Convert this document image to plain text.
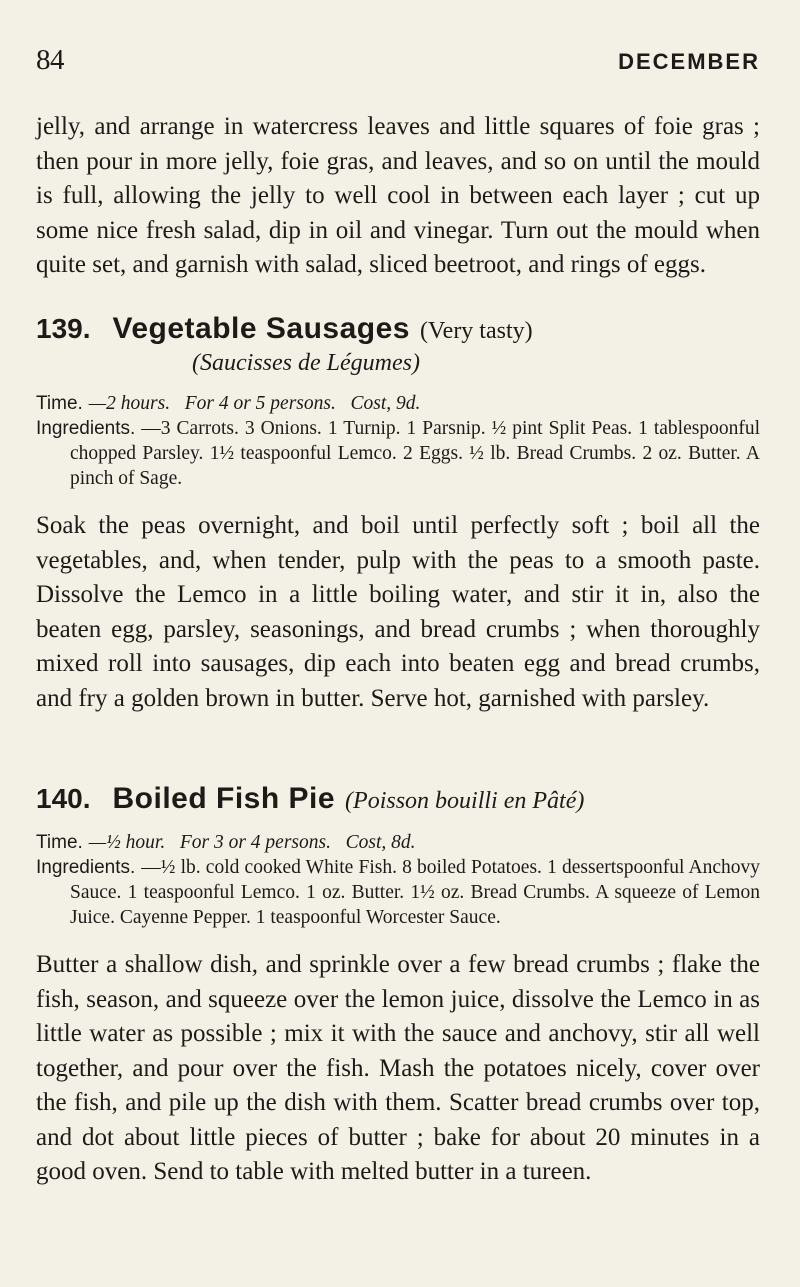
84	DECEMBER

jelly, and arrange in watercress leaves and little squares of foie gras ; then pour in more jelly, foie gras, and leaves, and so on until the mould is full, allowing the jelly to well cool in between each layer ; cut up some nice fresh salad, dip in oil and vinegar. Turn out the mould when quite set, and garnish with salad, sliced beetroot, and rings of eggs.

139. Vegetable Sausages (Very tasty)
(Saucisses de Légumes)

Time. —2 hours. For 4 or 5 persons. Cost, 9d.

Ingredients. —3 Carrots. 3 Onions. 1 Turnip. 1 Parsnip. ½ pint Split Peas. 1 tablespoonful chopped Parsley. 1½ teaspoonful Lemco. 2 Eggs. ½ lb. Bread Crumbs. 2 oz. Butter. A pinch of Sage.

Soak the peas overnight, and boil until perfectly soft ; boil all the vegetables, and, when tender, pulp with the peas to a smooth paste. Dissolve the Lemco in a little boiling water, and stir it in, also the beaten egg, parsley, seasonings, and bread crumbs ; when thoroughly mixed roll into sausages, dip each into beaten egg and bread crumbs, and fry a golden brown in butter. Serve hot, garnished with parsley.

140. Boiled Fish Pie (Poisson bouilli en Pâté)

Time. —½ hour. For 3 or 4 persons. Cost, 8d.

Ingredients. —½ lb. cold cooked White Fish. 8 boiled Potatoes. 1 dessertspoonful Anchovy Sauce. 1 teaspoonful Lemco. 1 oz. Butter. 1½ oz. Bread Crumbs. A squeeze of Lemon Juice. Cayenne Pepper. 1 teaspoonful Worcester Sauce.

Butter a shallow dish, and sprinkle over a few bread crumbs ; flake the fish, season, and squeeze over the lemon juice, dissolve the Lemco in as little water as possible ; mix it with the sauce and anchovy, stir all well together, and pour over the fish. Mash the potatoes nicely, cover over the fish, and pile up the dish with them. Scatter bread crumbs over top, and dot about little pieces of butter ; bake for about 20 minutes in a good oven. Send to table with melted butter in a tureen.
